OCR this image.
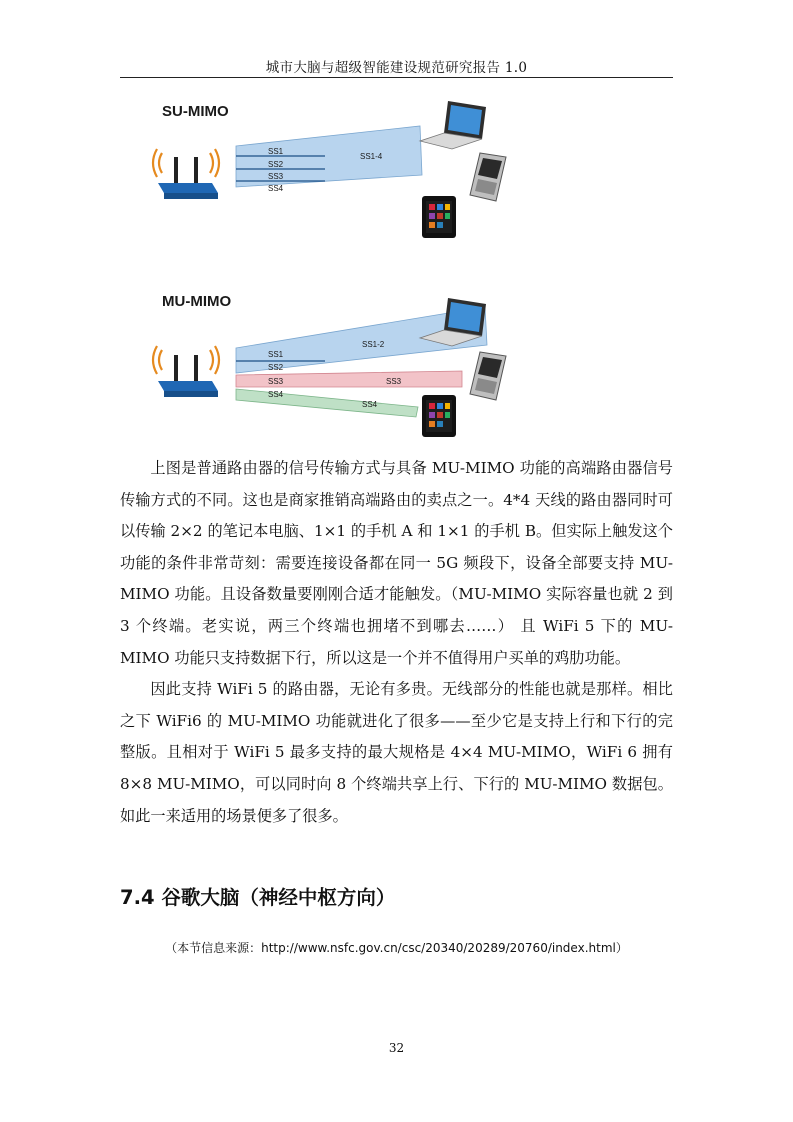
城市大脑与超级智能建设规范研究报告 1.0
SU-MIMO
SS1
SS2
SS3
SS4
SS1-4
MU-MIMO
SS1
SS2
SS3
SS4
SS1-2
SS3
SS4

上图是普通路由器的信号传输方式与具备 MU-MIMO 功能的高端路由器信号传输方式的不同。这也是商家推销高端路由的卖点之一。4*4 天线的路由器同时可以传输 2×2 的笔记本电脑、1×1 的手机 A 和 1×1 的手机 B。但实际上触发这个功能的条件非常苛刻：需要连接设备都在同一 5G 频段下，设备全部要支持 MU-MIMO 功能。且设备数量要刚刚合适才能触发。（MU-MIMO 实际容量也就 2 到 3 个终端。老实说，两三个终端也拥堵不到哪去……） 且 WiFi 5 下的 MU-MIMO 功能只支持数据下行，所以这是一个并不值得用户买单的鸡肋功能。

因此支持 WiFi 5 的路由器，无论有多贵。无线部分的性能也就是那样。相比之下 WiFi6 的 MU-MIMO 功能就进化了很多——至少它是支持上行和下行的完整版。且相对于 WiFi 5 最多支持的最大规格是 4×4 MU-MIMO，WiFi 6 拥有 8×8 MU-MIMO，可以同时向 8 个终端共享上行、下行的 MU-MIMO 数据包。如此一来适用的场景便多了很多。

7.4 谷歌大脑（神经中枢方向）
（本节信息来源：http://www.nsfc.gov.cn/csc/20340/20289/20760/index.html）
32
